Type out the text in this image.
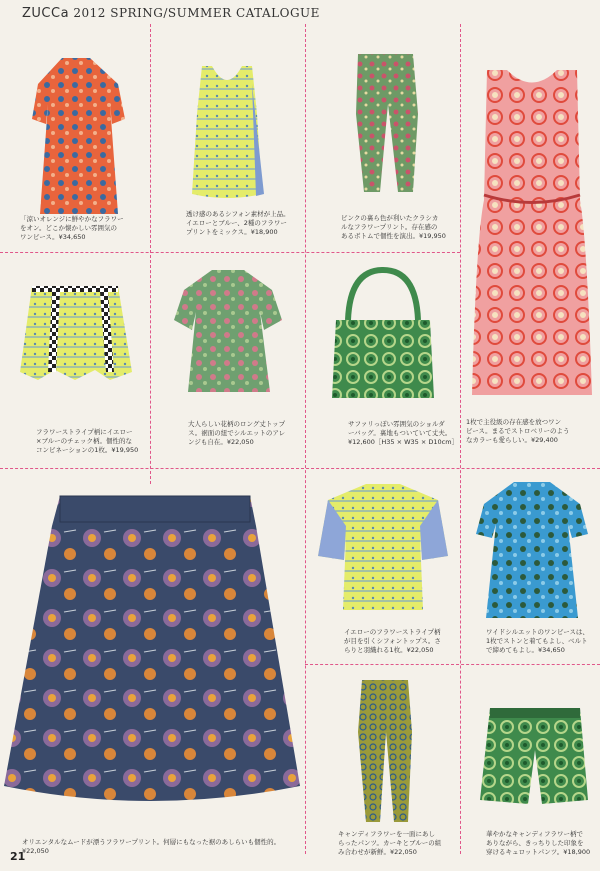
ZUCCa 2012 SPRING/SUMMER CATALOGUE
「涼いオレンジに鮮やかなフラワー
をオン。どこか懐かしい雰囲気の
ワンピース。¥34,650
透け感のあるシフォン素材が上品。
イエローとブルー、2種のフラワー
プリントをミックス。¥18,900
ピンクの裏ら色が利いたクラシカ
ルなフラワープリント。存在感の
あるボトムで個性を演出。¥19,950
1枚で主役級の存在感を放つワン
ピース。まるでストロベリーのよう
なカラーも愛らしい。¥29,400
フラワーストライプ柄にイエロー
×ブルーのチェック柄。個性的な
コンビネーションの1枚。¥19,950
大人らしい花柄のロング丈トップ
ス。裾面の紐でシルエットのアレ
ンジも自在。¥22,050
サファリっぽい雰囲気のショルダ
ーバッグ。裏地もついていて丈夫。
¥12,600［H35 × W35 × D10cm］
オリエンタルなムードが漂うフラワープリント。何層にもなった裾のあしらいも個性的。¥22,050
イエローのフラワーストライプ柄
が目を引くシフォントップス。さ
らりと羽織れる1枚。¥22,050
ワイドシルエットのワンピースは、
1枚でストンと着てもよし、ベルト
で締めてもよし。¥34,650
キャンディフラワーを一面にあし
らったパンツ。カーキとブルーの組
み合わせが新鮮。¥22,050
華やかなキャンディフラワー柄で
ありながら、きっちりした印象を
穿けるキュロットパンツ。¥18,900
21
